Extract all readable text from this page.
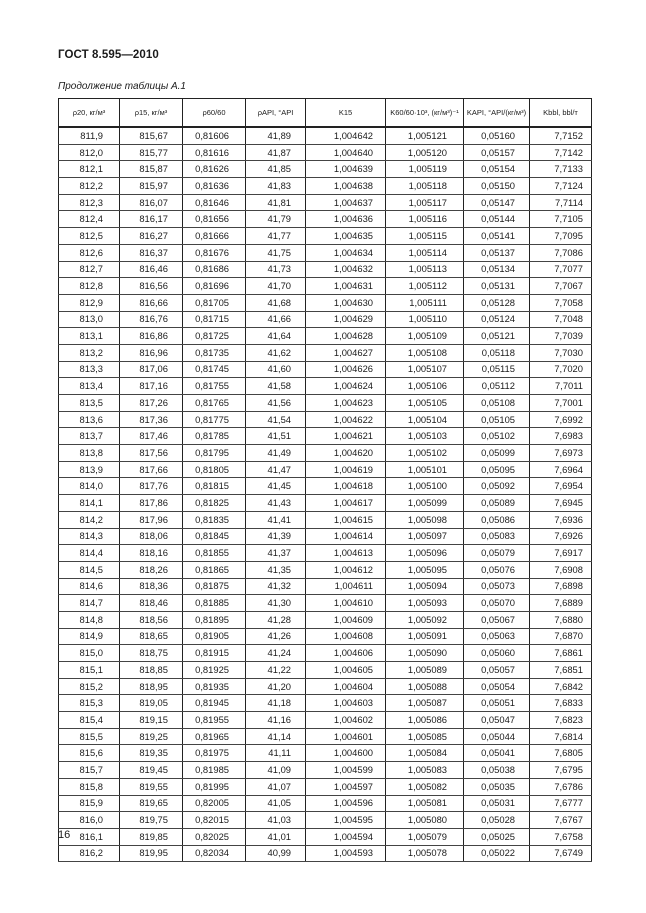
ГОСТ 8.595—2010
Продолжение таблицы А.1
ρ20, кг/м³	ρ15, кг/м³	ρ60/60	ρAPI, °API	K15	K60/60·10³, (кг/м³)⁻¹	KAPI, °API/(кг/м³)	Kbbl, bbl/т
811,9	815,67	0,81606	41,89	1,004642	1,005121	0,05160	7,7152
812,0	815,77	0,81616	41,87	1,004640	1,005120	0,05157	7,7142
812,1	815,87	0,81626	41,85	1,004639	1,005119	0,05154	7,7133
812,2	815,97	0,81636	41,83	1,004638	1,005118	0,05150	7,7124
812,3	816,07	0,81646	41,81	1,004637	1,005117	0,05147	7,7114
812,4	816,17	0,81656	41,79	1,004636	1,005116	0,05144	7,7105
812,5	816,27	0,81666	41,77	1,004635	1,005115	0,05141	7,7095
812,6	816,37	0,81676	41,75	1,004634	1,005114	0,05137	7,7086
812,7	816,46	0,81686	41,73	1,004632	1,005113	0,05134	7,7077
812,8	816,56	0,81696	41,70	1,004631	1,005112	0,05131	7,7067
812,9	816,66	0,81705	41,68	1,004630	1,005111	0,05128	7,7058
813,0	816,76	0,81715	41,66	1,004629	1,005110	0,05124	7,7048
813,1	816,86	0,81725	41,64	1,004628	1,005109	0,05121	7,7039
813,2	816,96	0,81735	41,62	1,004627	1,005108	0,05118	7,7030
813,3	817,06	0,81745	41,60	1,004626	1,005107	0,05115	7,7020
813,4	817,16	0,81755	41,58	1,004624	1,005106	0,05112	7,7011
813,5	817,26	0,81765	41,56	1,004623	1,005105	0,05108	7,7001
813,6	817,36	0,81775	41,54	1,004622	1,005104	0,05105	7,6992
813,7	817,46	0,81785	41,51	1,004621	1,005103	0,05102	7,6983
813,8	817,56	0,81795	41,49	1,004620	1,005102	0,05099	7,6973
813,9	817,66	0,81805	41,47	1,004619	1,005101	0,05095	7,6964
814,0	817,76	0,81815	41,45	1,004618	1,005100	0,05092	7,6954
814,1	817,86	0,81825	41,43	1,004617	1,005099	0,05089	7,6945
814,2	817,96	0,81835	41,41	1,004615	1,005098	0,05086	7,6936
814,3	818,06	0,81845	41,39	1,004614	1,005097	0,05083	7,6926
814,4	818,16	0,81855	41,37	1,004613	1,005096	0,05079	7,6917
814,5	818,26	0,81865	41,35	1,004612	1,005095	0,05076	7,6908
814,6	818,36	0,81875	41,32	1,004611	1,005094	0,05073	7,6898
814,7	818,46	0,81885	41,30	1,004610	1,005093	0,05070	7,6889
814,8	818,56	0,81895	41,28	1,004609	1,005092	0,05067	7,6880
814,9	818,65	0,81905	41,26	1,004608	1,005091	0,05063	7,6870
815,0	818,75	0,81915	41,24	1,004606	1,005090	0,05060	7,6861
815,1	818,85	0,81925	41,22	1,004605	1,005089	0,05057	7,6851
815,2	818,95	0,81935	41,20	1,004604	1,005088	0,05054	7,6842
815,3	819,05	0,81945	41,18	1,004603	1,005087	0,05051	7,6833
815,4	819,15	0,81955	41,16	1,004602	1,005086	0,05047	7,6823
815,5	819,25	0,81965	41,14	1,004601	1,005085	0,05044	7,6814
815,6	819,35	0,81975	41,11	1,004600	1,005084	0,05041	7,6805
815,7	819,45	0,81985	41,09	1,004599	1,005083	0,05038	7,6795
815,8	819,55	0,81995	41,07	1,004597	1,005082	0,05035	7,6786
815,9	819,65	0,82005	41,05	1,004596	1,005081	0,05031	7,6777
816,0	819,75	0,82015	41,03	1,004595	1,005080	0,05028	7,6767
816,1	819,85	0,82025	41,01	1,004594	1,005079	0,05025	7,6758
816,2	819,95	0,82034	40,99	1,004593	1,005078	0,05022	7,6749
16
